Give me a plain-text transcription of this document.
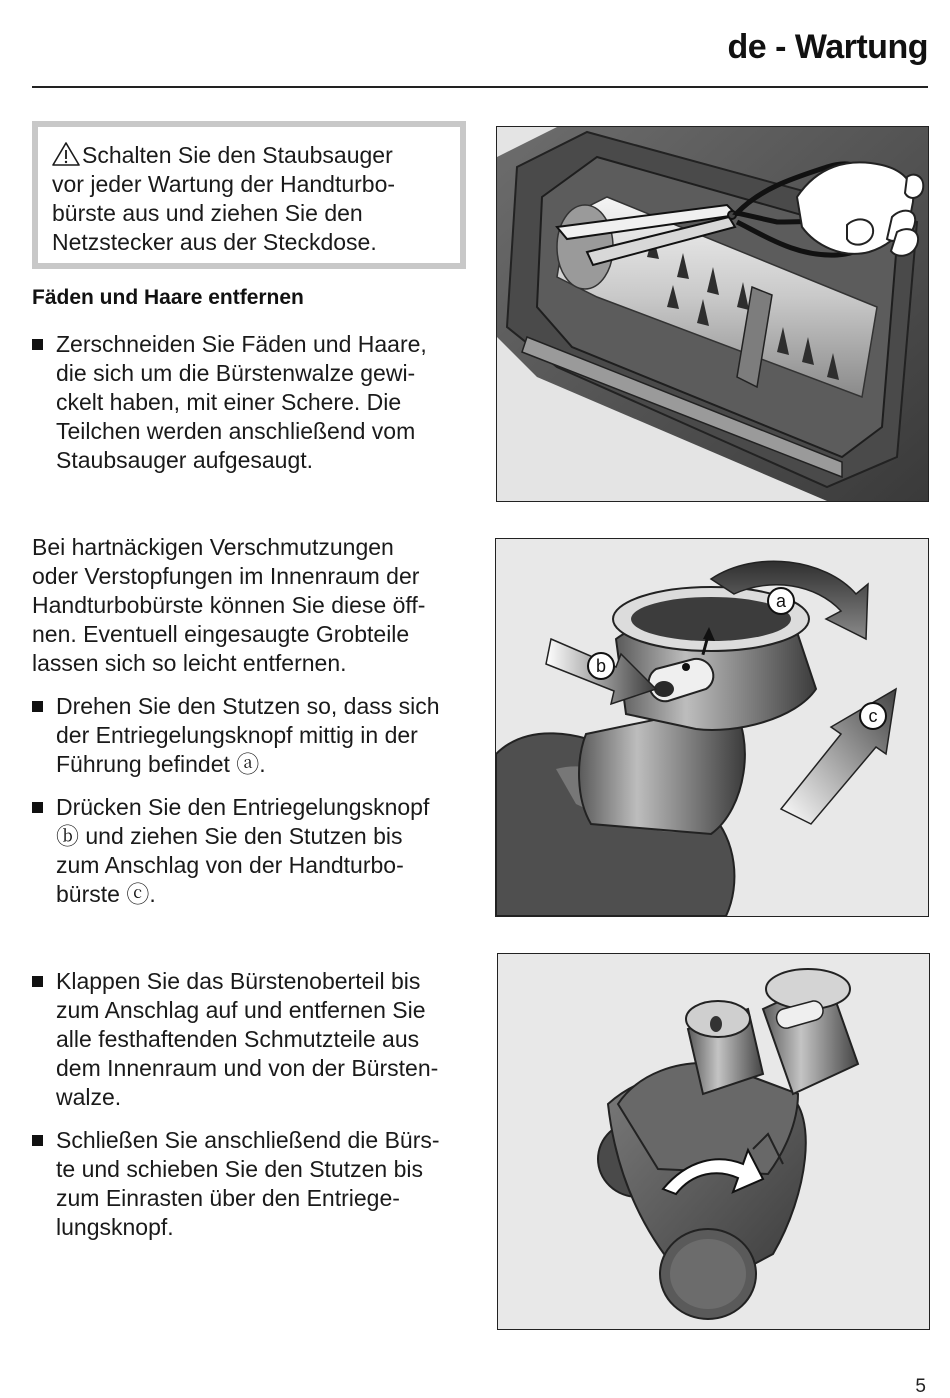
de - Wartung
Schalten Sie den Staubsauger
vor jeder Wartung der Handturbo-
bürste aus und ziehen Sie den
Netzstecker aus der Steckdose.
Fäden und Haare entfernen
Zerschneiden Sie Fäden und Haare,
die sich um die Bürstenwalze gewi-
ckelt haben, mit einer Schere. Die
Teilchen werden anschließend vom
Staubsauger aufgesaugt.
Bei hartnäckigen Verschmutzungen
oder Verstopfungen im Innenraum der
Handturbobürste können Sie diese öff-
nen. Eventuell eingesaugte Grobteile
lassen sich so leicht entfernen.
Drehen Sie den Stutzen so, dass sich
der Entriegelungsknopf mittig in der
Führung befindet ⓐ.
Drücken Sie den Entriegelungsknopf
ⓑ und ziehen Sie den Stutzen bis
zum Anschlag von der Handturbo-
bürste ⓒ.
Klappen Sie das Bürstenoberteil bis
zum Anschlag auf und entfernen Sie
alle festhaftenden Schmutzteile aus
dem Innenraum und von der Bürsten-
walze.
Schließen Sie anschließend die Bürs-
te und schieben Sie den Stutzen bis
zum Einrasten über den Entriege-
lungsknopf.
a
b
c
5
